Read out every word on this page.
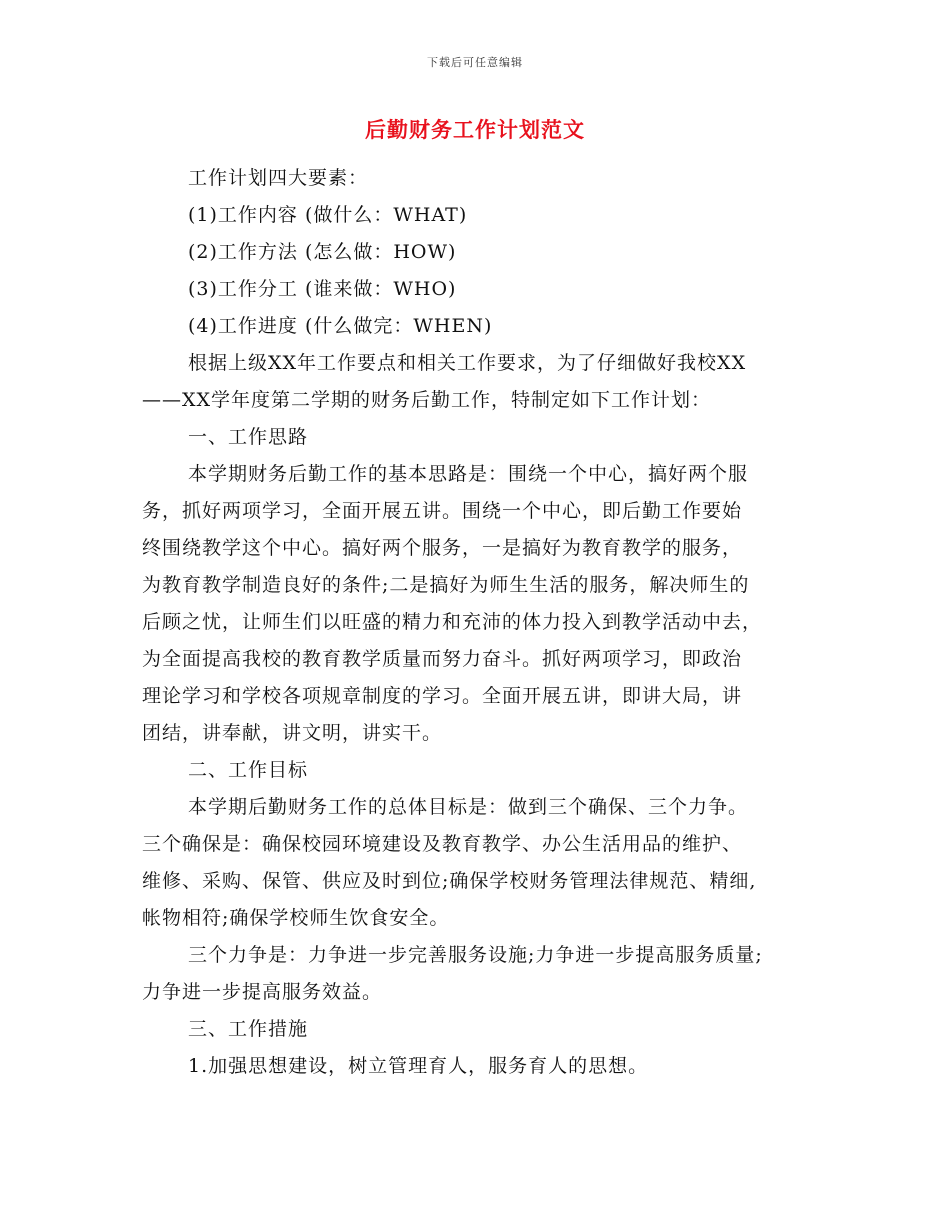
下载后可任意编辑
后勤财务工作计划范文
工作计划四大要素：
(1)工作内容 (做什么：WHAT)
(2)工作方法 (怎么做：HOW)
(3)工作分工 (谁来做：WHO)
(4)工作进度 (什么做完：WHEN)
根据上级XX年工作要点和相关工作要求，为了仔细做好我校XX
——XX学年度第二学期的财务后勤工作，特制定如下工作计划：
一、工作思路
本学期财务后勤工作的基本思路是：围绕一个中心，搞好两个服
务，抓好两项学习，全面开展五讲。围绕一个中心，即后勤工作要始
终围绕教学这个中心。搞好两个服务，一是搞好为教育教学的服务，
为教育教学制造良好的条件;二是搞好为师生生活的服务，解决师生的
后顾之忧，让师生们以旺盛的精力和充沛的体力投入到教学活动中去，
为全面提高我校的教育教学质量而努力奋斗。抓好两项学习，即政治
理论学习和学校各项规章制度的学习。全面开展五讲，即讲大局，讲
团结，讲奉献，讲文明，讲实干。
二、工作目标
本学期后勤财务工作的总体目标是：做到三个确保、三个力争。
三个确保是：确保校园环境建设及教育教学、办公生活用品的维护、
维修、采购、保管、供应及时到位;确保学校财务管理法律规范、精细,
帐物相符;确保学校师生饮食安全。
三个力争是：力争进一步完善服务设施;力争进一步提高服务质量;
力争进一步提高服务效益。
三、工作措施
1.加强思想建设，树立管理育人，服务育人的思想。
